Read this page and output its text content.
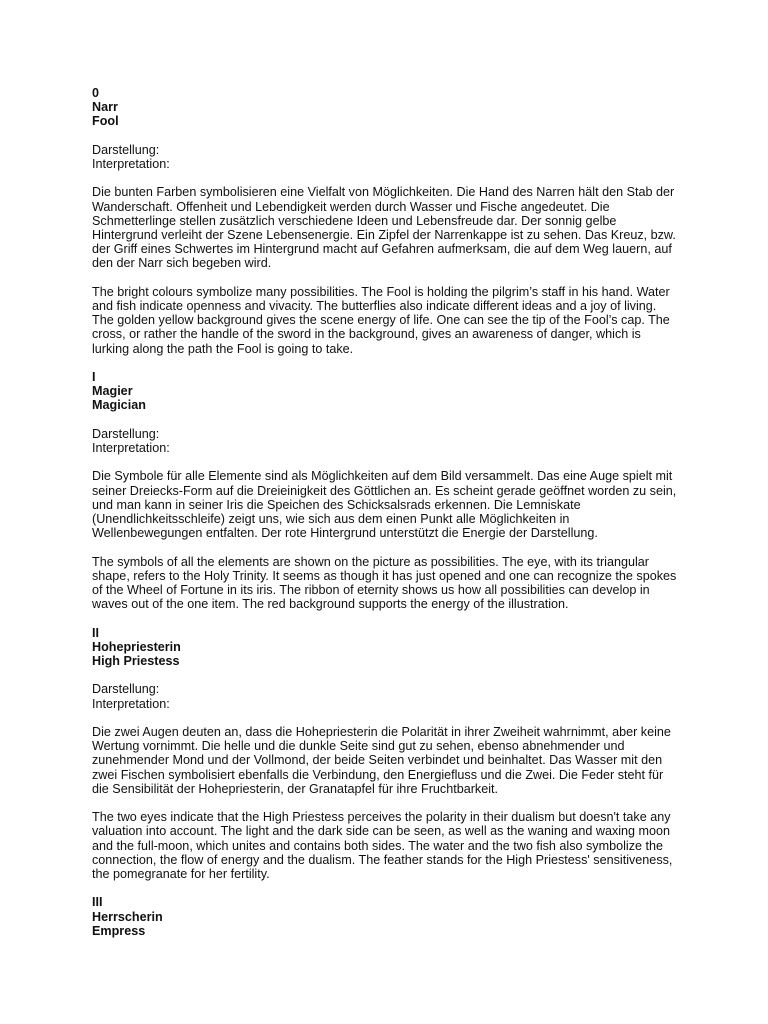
0
Narr
Fool
Darstellung:
Interpretation:

Die bunten Farben symbolisieren eine Vielfalt von Möglichkeiten. Die Hand des Narren hält den Stab der Wanderschaft. Offenheit und Lebendigkeit werden durch Wasser und Fische angedeutet. Die Schmetterlinge stellen zusätzlich verschiedene Ideen und Lebensfreude dar. Der sonnig gelbe Hintergrund verleiht der Szene Lebensenergie. Ein Zipfel der Narrenkappe ist zu sehen. Das Kreuz, bzw. der Griff eines Schwertes im Hintergrund macht auf Gefahren aufmerksam, die auf dem Weg lauern, auf den der Narr sich begeben wird.

The bright colours symbolize many possibilities. The Fool is holding the pilgrim’s staff in his hand. Water and fish indicate openness and vivacity. The butterflies also indicate different ideas and a joy of living. The golden yellow background gives the scene energy of life. One can see the tip of the Fool’s cap. The cross, or rather the handle of the sword in the background, gives an awareness of danger, which is lurking along the path the Fool is going to take.

I
Magier
Magician
Darstellung:
Interpretation:

Die Symbole für alle Elemente sind als Möglichkeiten auf dem Bild versammelt. Das eine Auge spielt mit seiner Dreiecks-Form auf die Dreieinigkeit des Göttlichen an. Es scheint gerade geöffnet worden zu sein, und man kann in seiner Iris die Speichen des Schicksalsrads erkennen. Die Lemniskate (Unendlichkeitsschleife) zeigt uns, wie sich aus dem einen Punkt alle Möglichkeiten in Wellenbewegungen entfalten. Der rote Hintergrund unterstützt die Energie der Darstellung.

The symbols of all the elements are shown on the picture as possibilities. The eye, with its triangular shape, refers to the Holy Trinity. It seems as though it has just opened and one can recognize the spokes of the Wheel of Fortune in its iris. The ribbon of eternity shows us how all possibilities can develop in waves out of the one item. The red background supports the energy of the illustration.

II
Hohepriesterin
High Priestess
Darstellung:
Interpretation:

Die zwei Augen deuten an, dass die Hohepriesterin die Polarität in ihrer Zweiheit wahrnimmt, aber keine Wertung vornimmt. Die helle und die dunkle Seite sind gut zu sehen, ebenso abnehmender und zunehmender Mond und der Vollmond, der beide Seiten verbindet und beinhaltet. Das Wasser mit den zwei Fischen symbolisiert ebenfalls die Verbindung, den Energiefluss und die Zwei. Die Feder steht für die Sensibilität der Hohepriesterin, der Granatapfel für ihre Fruchtbarkeit.

The two eyes indicate that the High Priestess perceives the polarity in their dualism but doesn't take any valuation into account. The light and the dark side can be seen, as well as the waning and waxing moon and the full-moon, which unites and contains both sides. The water and the two fish also symbolize the connection, the flow of energy and the dualism. The feather stands for the High Priestess' sensitiveness, the pomegranate for her fertility.

III
Herrscherin
Empress
